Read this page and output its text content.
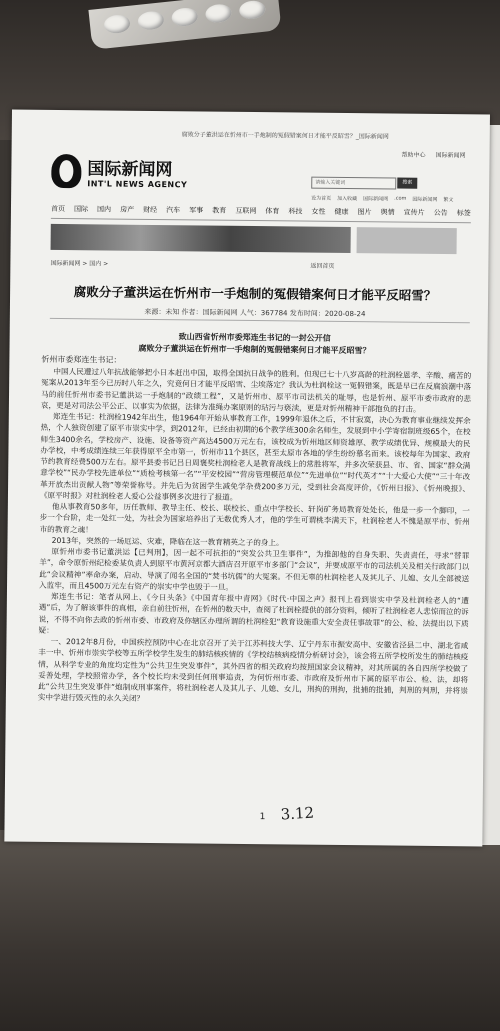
腐败分子董洪运在忻州市一手炮制的冤假错案何日才能平反昭雪？_国际新闻网
帮助中心 国际新闻网
国际新闻网
INT'L NEWS AGENCY	请输入关键词	搜索
设为首页 加入收藏 国际新闻网 .com 国际新闻网 繁文
首页 国际 国内 房产 财经 汽车 军事 教育 互联网 体育 科技 女性 健康 图片 舆情 宣传片 公告 标签
国际新闻网 > 国内 >	返回首页
腐败分子董洪运在忻州市一手炮制的冤假错案何日才能平反昭雪？
来源：未知 作者：国际新闻网 人气：367784 发布时间：2020-08-24
致山西省忻州市委郑连生书记的一封公开信
腐败分子董洪运在忻州市一手炮制的冤假错案何日才能平反昭雪？
忻州市委郑连生书记：

中国人民遭过八年抗战能够把小日本赶出中国，取得全国抗日战争的胜利。但现已七十八岁高龄的杜润栓恩孝、辛酸、痛苦的冤案从2013年至今已历时八年之久，究竟何日才能平反昭雪、尘埃落定？我认为杜润栓这一冤假错案，既是早已在反腐浪潮中落马的前任忻州市委书记董洪运一手炮制的“政绩工程”，又是忻州市、原平市司法机关的耻辱，也是忻州、原平市委市政府的悲哀，更是对司法公平公正、以事实为依据，法律为准绳办案原则的玷污与亵渎，更是对忻州精神干部抱负的打击。

郑连生书记：杜润栓1942年出生，他1964年开始从事教育工作，1999年退休之后，不甘寂寞，决心为教育事业继续发挥余热，个人独资创建了原平市崇实中学，到2012年，已经由初期的6个教学班300余名师生，发展到中小学寄宿制班级65个，在校师生3400余名，学校房产、设施、设备等资产高达4500万元左右，该校成为忻州地区师资雄厚、教学成绩优异、规模最大的民办学校，中考成绩连续三年获得原平全市第一，忻州市11个县区，甚至太原市各地的学生纷纷慕名而来。该校每年为国家、政府节约教育经费500万左右。原平县委书记吕日周褒奖杜润栓老人是教育战线上的常胜将军，并多次荣获县、市、省、国家“群众满意学校”“民办学校先进单位”“质检考核第一名”“平安校园”“营房管理模范单位”“先进单位”“时代英才”“十大爱心大使”“三十年改革开放杰出贡献人物”等荣誉称号。并先后为贫困学生减免学杂费200多万元，受到社会高度评价，《忻州日报》、《忻州晚报》、《原平时报》对杜润栓老人爱心公益事例多次进行了报道。

他从事教育50多年，历任教师、教导主任、校长、联校长、重点中学校长、轩岗矿务局教育处处长，他是一步一个脚印，一步一个台阶，走一处红一处，为社会为国家培养出了无数优秀人才，他的学生可谓桃李满天下，杜润栓老人不愧是原平市、忻州市的教育之魂！

2013年，突然的一场厄运、灾难，降临在这一教育精英之子的身上。

原忻州市委书记董洪运【已判刑】，因一起不可抗拒的“突发公共卫生事件”，为推卸他的自身失职、失责责任，寻求“替罪羊”，命令原忻州纪检委某负责人到原平市黄河京都大酒店召开原平市多部门“会议”，并要成原平市的司法机关及相关行政部门以此“会议精神”率命办案，启动、导演了闻名全国的“焚书坑儒”的大冤案。不但无辜的杜润栓老人及其儿子、儿媳、女儿全部被送入监牢，而且4500万元左右资产的崇实中学也毁于一旦。

郑连生书记：笔者从网上、《今日头条》《中国青年报中青网》《时代·中国之声》报刊上看到崇实中学及杜润栓老人的“遭遇”后，为了解该事件的真相，亲自前往忻州，在忻州的数天中，查阅了杜润栓提供的部分资料，倾听了杜润栓老人悲惊而泣的诉说，不得不向你去政的忻州市委、市政府及你辖区办理所谓的杜润栓犯“教育设施重大安全责任事故罪”的公、检、法提出以下质疑：

一、2012年8月份，中国疾控预防中心在北京召开了关于江苏科技大学、辽宁丹东市振安高中、安徽省泾县二中、湖北省咸丰一中、忻州市崇实学校等五所学校学生发生的肺结核疾情的《学校结核病疫情分析研讨会》，该会将五所学校所发生的肺结核疫情，从科学专业的角度均定性为“公共卫生突发事件”，其外四省的相关政府均按照国家会议精神，对其所属的各自四所学校做了妥善处理，学校照常办学，各个校长均未受到任何刑事追责，为何忻州市委、市政府及忻州市下属的原平市公、检、法，却将此“公共卫生突发事件”炮制成刑事案件，将杜润栓老人及其儿子、儿媳、女儿，刑拘的刑拘，批捕的批捕，判刑的判刑，并将崇实中学进行毁灭性的永久关闭？

1 3.12
